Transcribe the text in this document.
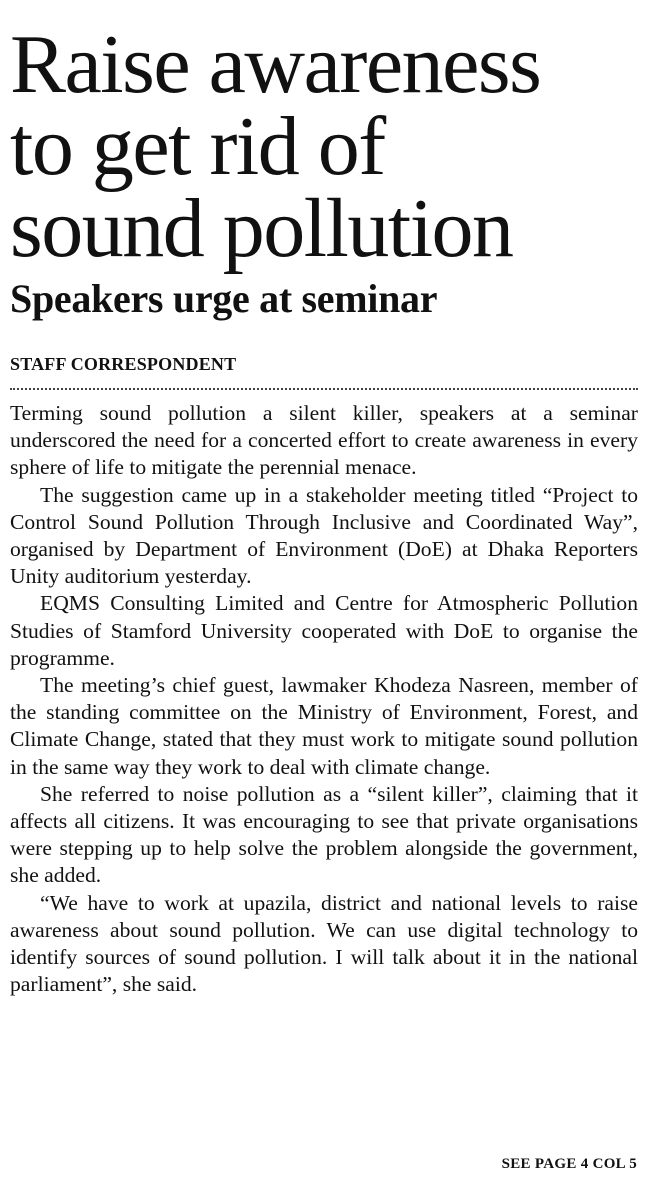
Raise awareness
to get rid of
sound pollution
Speakers urge at seminar
STAFF CORRESPONDENT

Terming sound pollution a silent killer, speakers at a seminar underscored the need for a concerted effort to create awareness in every sphere of life to mitigate the perennial menace.

The suggestion came up in a stakeholder meeting titled “Project to Control Sound Pollution Through Inclusive and Coordinated Way”, organised by Department of Environment (DoE) at Dhaka Reporters Unity auditorium yesterday.

EQMS Consulting Limited and Centre for Atmospheric Pollution Studies of Stamford University cooperated with DoE to organise the programme.

The meeting’s chief guest, lawmaker Khodeza Nasreen, member of the standing committee on the Ministry of Environment, Forest, and Climate Change, stated that they must work to mitigate sound pollution in the same way they work to deal with climate change.

She referred to noise pollution as a “silent killer”, claiming that it affects all citizens. It was encouraging to see that private organisations were stepping up to help solve the problem alongside the government, she added.

“We have to work at upazila, district and national levels to raise awareness about sound pollution. We can use digital technology to identify sources of sound pollution. I will talk about it in the national parliament”, she said.

SEE PAGE 4 COL 5
